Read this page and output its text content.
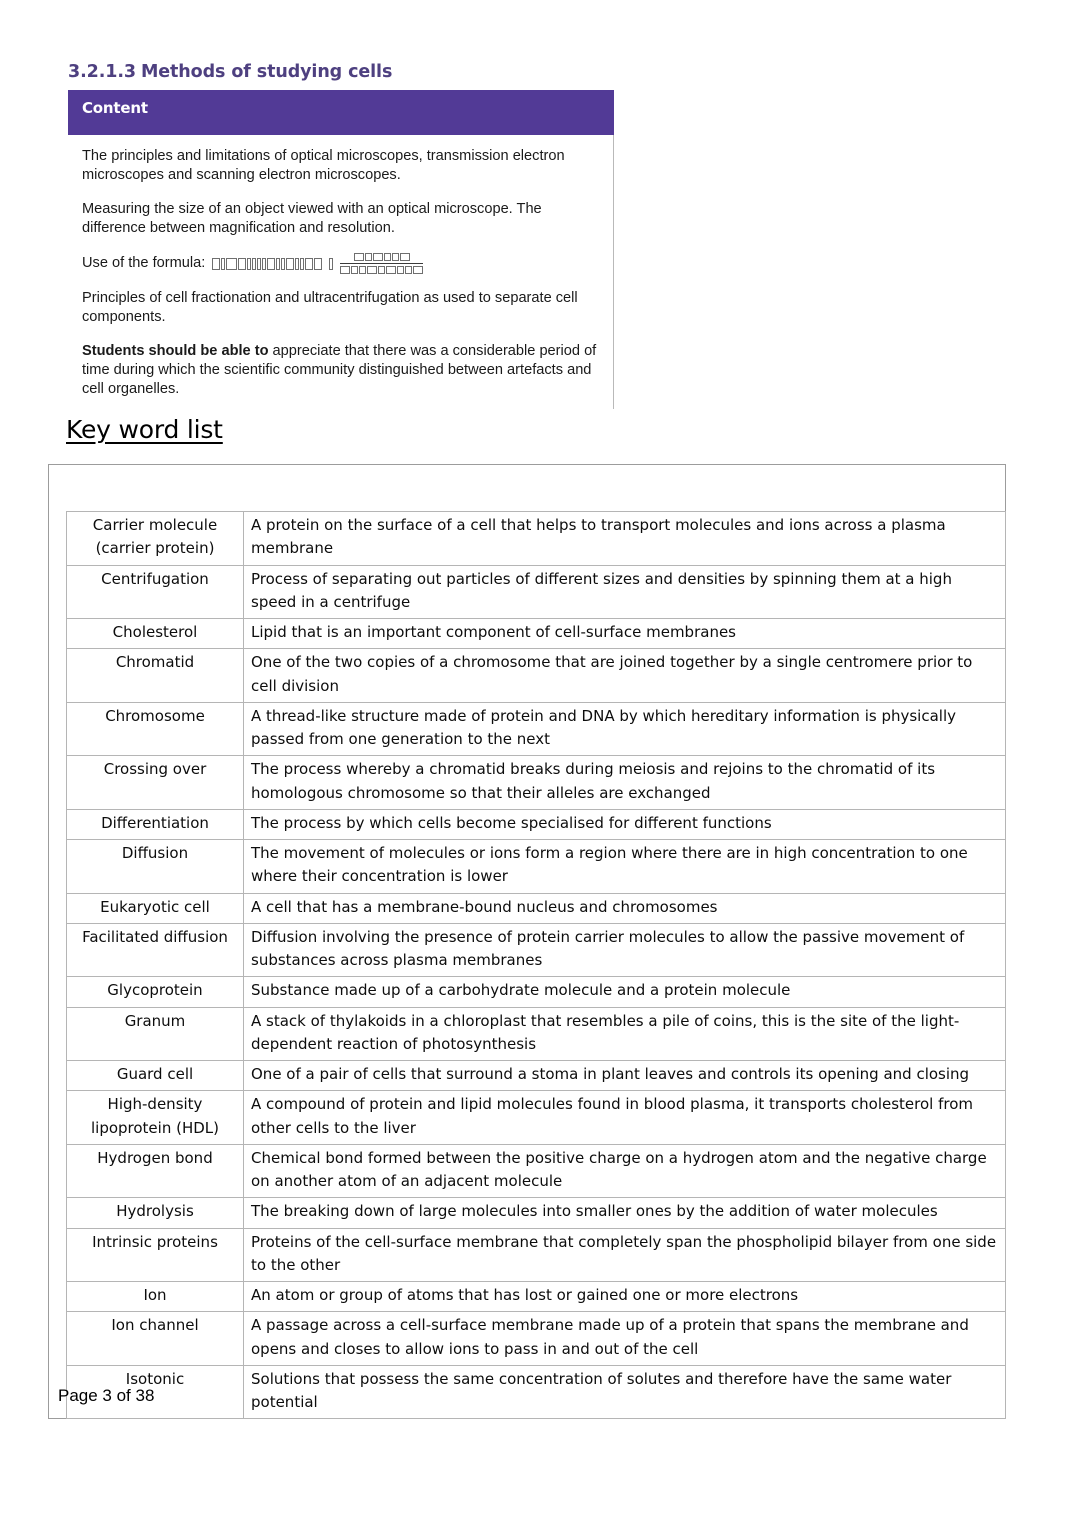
3.2.1.3 Methods of studying cells
Content

The principles and limitations of optical microscopes, transmission electron microscopes and scanning electron microscopes.

Measuring the size of an object viewed with an optical microscope. The difference between magnification and resolution.

Use of the formula:

Principles of cell fractionation and ultracentrifugation as used to separate cell components.

Students should be able to appreciate that there was a considerable period of time during which the scientific community distinguished between artefacts and cell organelles.

Key word list
Carrier molecule (carrier protein)	A protein on the surface of a cell that helps to transport molecules and ions across a plasma membrane
Centrifugation	Process of separating out particles of different sizes and densities by spinning them at a high speed in a centrifuge
Cholesterol	Lipid that is an important component of cell-surface membranes
Chromatid	One of the two copies of a chromosome that are joined together by a single centromere prior to cell division
Chromosome	A thread-like structure made of protein and DNA by which hereditary information is physically passed from one generation to the next
Crossing over	The process whereby a chromatid breaks during meiosis and rejoins to the chromatid of its homologous chromosome so that their alleles are exchanged
Differentiation	The process by which cells become specialised for different functions
Diffusion	The movement of molecules or ions form a region where there are in high concentration to one where their concentration is lower
Eukaryotic cell	A cell that has a membrane-bound nucleus and chromosomes
Facilitated diffusion	Diffusion involving the presence of protein carrier molecules to allow the passive movement of substances across plasma membranes
Glycoprotein	Substance made up of a carbohydrate molecule and a protein molecule
Granum	A stack of thylakoids in a chloroplast that resembles a pile of coins, this is the site of the light-dependent reaction of photosynthesis
Guard cell	One of a pair of cells that surround a stoma in plant leaves and controls its opening and closing
High-density lipoprotein (HDL)	A compound of protein and lipid molecules found in blood plasma, it transports cholesterol from other cells to the liver
Hydrogen bond	Chemical bond formed between the positive charge on a hydrogen atom and the negative charge on another atom of an adjacent molecule
Hydrolysis	The breaking down of large molecules into smaller ones by the addition of water molecules
Intrinsic proteins	Proteins of the cell-surface membrane that completely span the phospholipid bilayer from one side to the other
Ion	An atom or group of atoms that has lost or gained one or more electrons
Ion channel	A passage across a cell-surface membrane made up of a protein that spans the membrane and opens and closes to allow ions to pass in and out of the cell
Isotonic	Solutions that possess the same concentration of solutes and therefore have the same water potential
Page 3 of 38
